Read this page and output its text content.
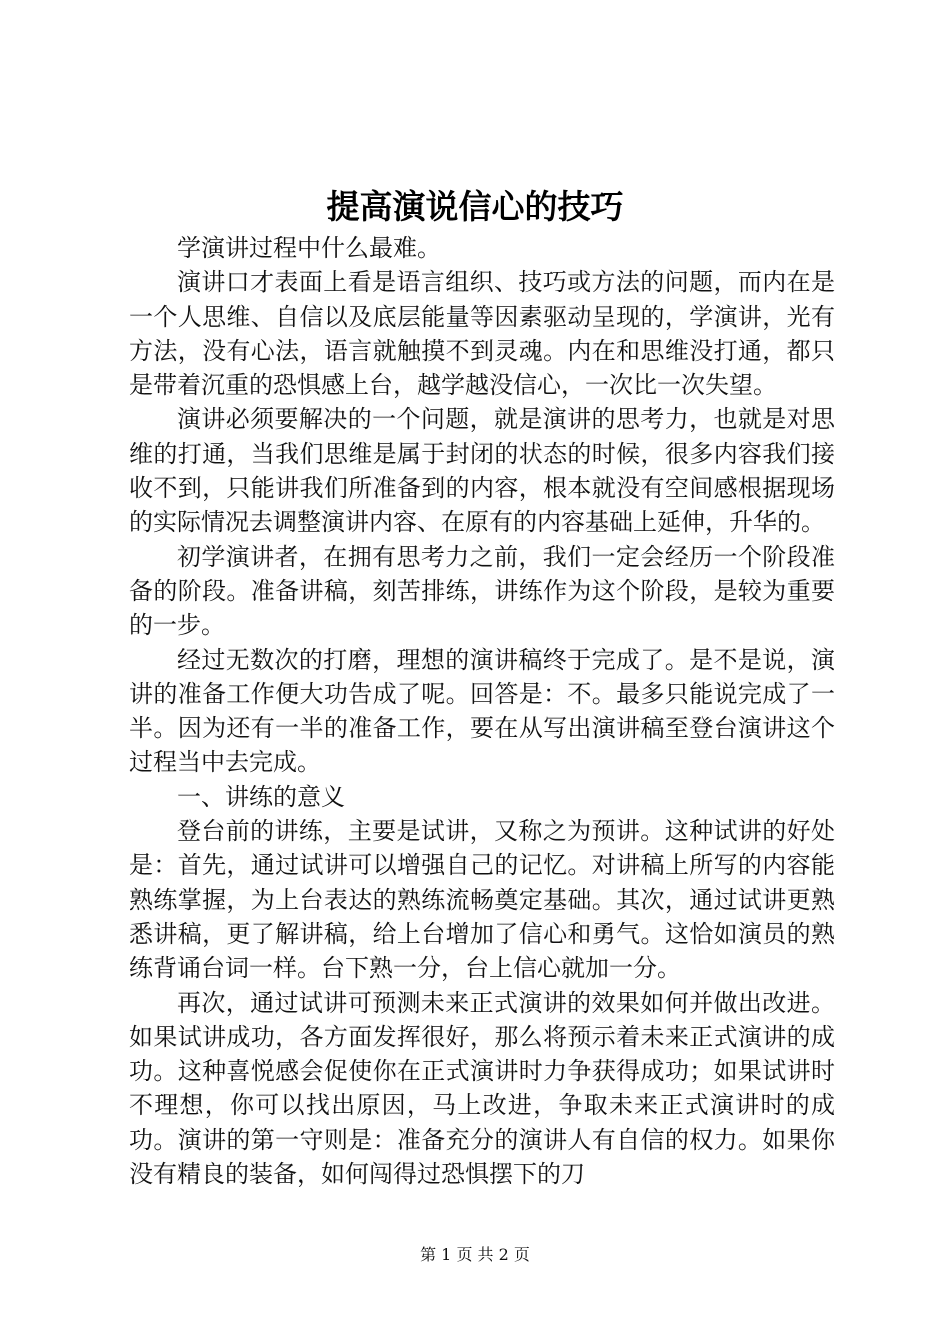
提高演说信心的技巧

学演讲过程中什么最难。

演讲口才表面上看是语言组织、技巧或方法的问题，而内在是一个人思维、自信以及底层能量等因素驱动呈现的，学演讲，光有方法，没有心法，语言就触摸不到灵魂。内在和思维没打通，都只是带着沉重的恐惧感上台，越学越没信心，一次比一次失望。

演讲必须要解决的一个问题，就是演讲的思考力，也就是对思维的打通，当我们思维是属于封闭的状态的时候，很多内容我们接收不到，只能讲我们所准备到的内容，根本就没有空间感根据现场的实际情况去调整演讲内容、在原有的内容基础上延伸，升华的。

初学演讲者，在拥有思考力之前，我们一定会经历一个阶段准备的阶段。准备讲稿，刻苦排练，讲练作为这个阶段，是较为重要的一步。

经过无数次的打磨，理想的演讲稿终于完成了。是不是说，演讲的准备工作便大功告成了呢。回答是：不。最多只能说完成了一半。因为还有一半的准备工作，要在从写出演讲稿至登台演讲这个过程当中去完成。

一、讲练的意义

登台前的讲练，主要是试讲，又称之为预讲。这种试讲的好处是：首先，通过试讲可以增强自己的记忆。对讲稿上所写的内容能熟练掌握，为上台表达的熟练流畅奠定基础。其次，通过试讲更熟悉讲稿，更了解讲稿，给上台增加了信心和勇气。这恰如演员的熟练背诵台词一样。台下熟一分，台上信心就加一分。

再次，通过试讲可预测未来正式演讲的效果如何并做出改进。如果试讲成功，各方面发挥很好，那么将预示着未来正式演讲的成功。这种喜悦感会促使你在正式演讲时力争获得成功；如果试讲时不理想，你可以找出原因，马上改进，争取未来正式演讲时的成功。演讲的第一守则是：准备充分的演讲人有自信的权力。如果你没有精良的装备，如何闯得过恐惧摆下的刀

第 1 页 共 2 页
